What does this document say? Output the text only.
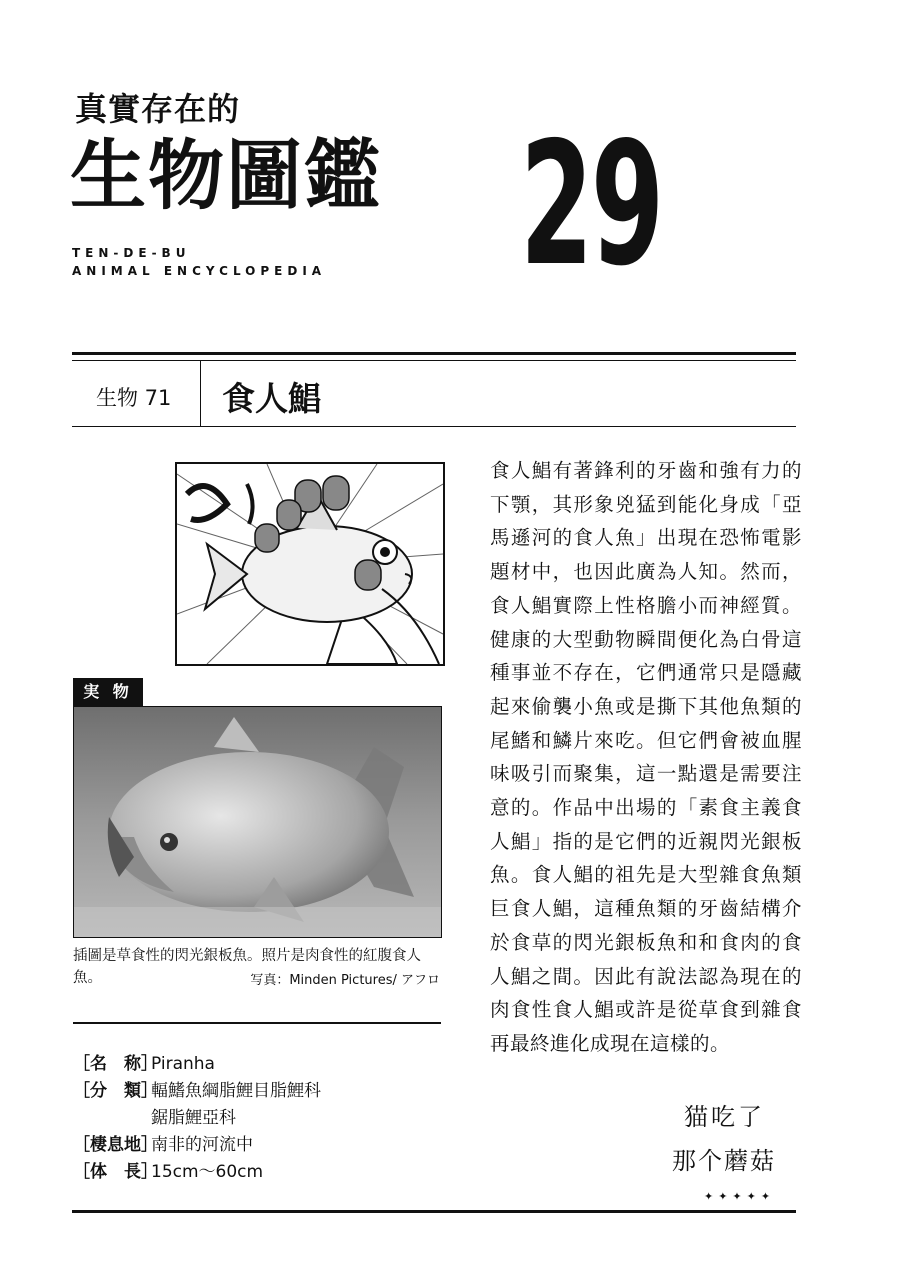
真實存在的
生物圖鑑
TEN-DE-BU
ANIMAL ENCYCLOPEDIA 29
生物 71 食人鯧
実 物
插圖是草食性的閃光銀板魚。照片是肉食性的紅腹食人魚。	写真：Minden Pictures/ アフロ
［名　称］
Piranha
［分　類］
輻鰭魚綱脂鯉目脂鯉科
鋸脂鯉亞科
［棲息地］
南非的河流中
［体　長］
15cm～60cm
食人鯧有著鋒利的牙齒和強有力的下顎，其形象兇猛到能化身成「亞馬遜河的食人魚」出現在恐怖電影題材中，也因此廣為人知。然而，食人鯧實際上性格膽小而神經質。健康的大型動物瞬間便化為白骨這種事並不存在，它們通常只是隱藏起來偷襲小魚或是撕下其他魚類的尾鰭和鱗片來吃。但它們會被血腥味吸引而聚集，這一點還是需要注意的。作品中出場的「素食主義食人鯧」指的是它們的近親閃光銀板魚。食人鯧的祖先是大型雜食魚類巨食人鯧，這種魚類的牙齒結構介於食草的閃光銀板魚和和食肉的食人鯧之間。因此有說法認為現在的肉食性食人鯧或許是從草食到雜食再最終進化成現在這樣的。
猫吃了
那个蘑菇
✦✦✦✦✦
